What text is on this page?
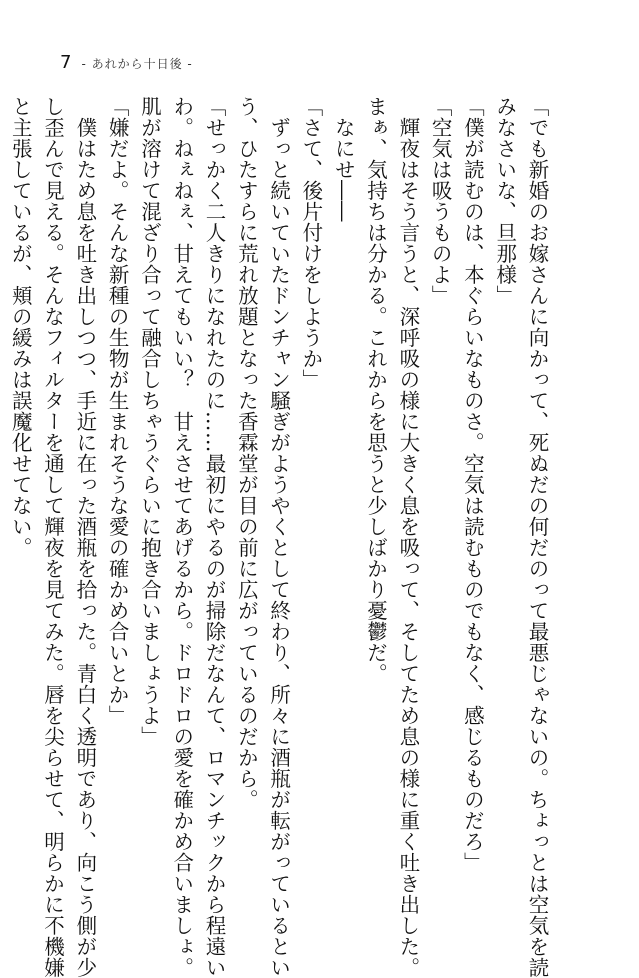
7 - あれから十日後 -

「でも新婚のお嫁さんに向かって、死ぬだの何だのって最悪じゃないの。ちょっとは空気を読

みなさいな、旦那様」

「僕が読むのは、本ぐらいなものさ。空気は読むものでもなく、感じるものだろ」

「空気は吸うものよ」

　輝夜はそう言うと、深呼吸の様に大きく息を吸って、そしてため息の様に重く吐き出した。

まぁ、気持ちは分かる。これからを思うと少しばかり憂鬱だ。

　なにせ――

「さて、後片付けをしようか」

　ずっと続いていたドンチャン騒ぎがようやくとして終わり、所々に酒瓶が転がっているとい

う、ひたすらに荒れ放題となった香霖堂が目の前に広がっているのだから。

「せっかく二人きりになれたのに……最初にやるのが掃除だなんて、ロマンチックから程遠い

わ。ねぇねぇ、甘えてもいい？　甘えさせてあげるから。ドロドロの愛を確かめ合いましょ。

肌が溶けて混ざり合って融合しちゃうぐらいに抱き合いましょうよ」

「嫌だよ。そんな新種の生物が生まれそうな愛の確かめ合いとか」

　僕はため息を吐き出しつつ、手近に在った酒瓶を拾った。青白く透明であり、向こう側が少

し歪んで見える。そんなフィルターを通して輝夜を見てみた。唇を尖らせて、明らかに不機嫌

と主張しているが、頬の緩みは誤魔化せてない。
